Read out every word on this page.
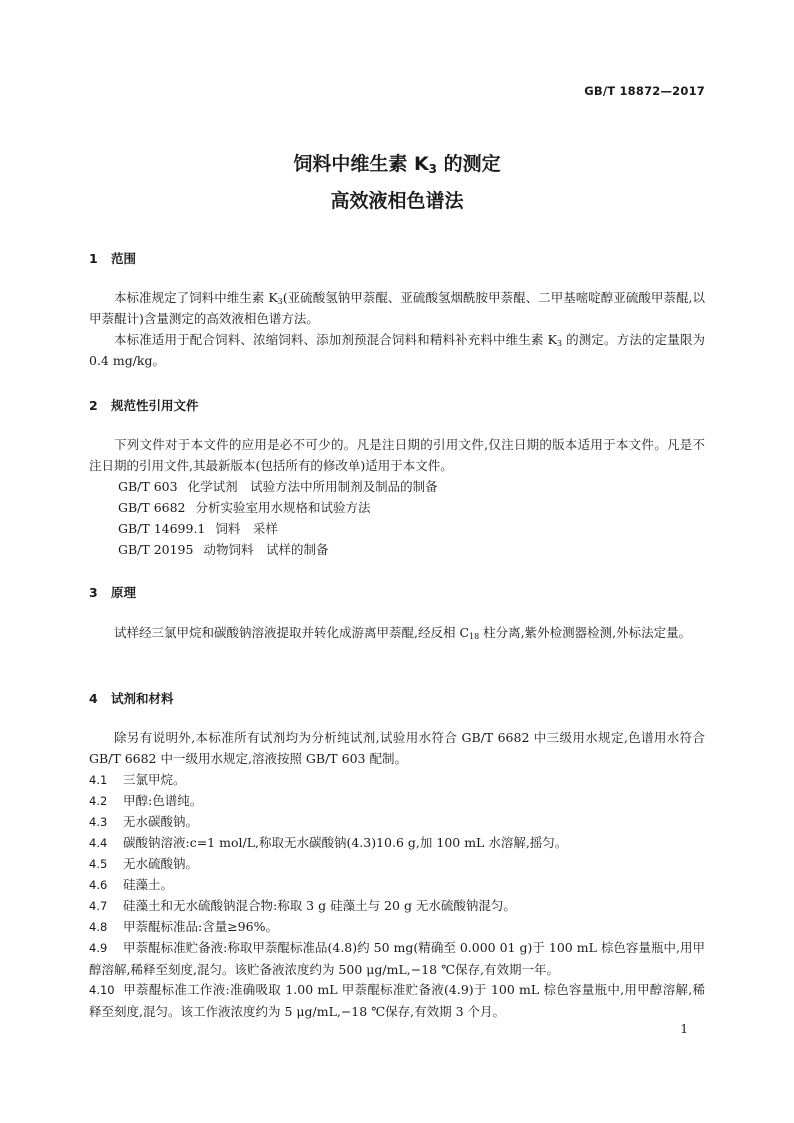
GB/T 18872—2017
饲料中维生素 $K_3$ 的测定
高效液相色谱法
1 范围
本标准规定了饲料中维生素 $K_3$(亚硫酸氢钠甲萘醌、亚硫酸氢烟酰胺甲萘醌、二甲基嘧啶醇亚硫酸甲萘醌,以甲萘醌计)含量测定的高效液相色谱方法。
本标准适用于配合饲料、浓缩饲料、添加剂预混合饲料和精料补充料中维生素 $K_3$ 的测定。方法的定量限为 0.4 mg/kg。
2 规范性引用文件
下列文件对于本文件的应用是必不可少的。凡是注日期的引用文件,仅注日期的版本适用于本文件。凡是不注日期的引用文件,其最新版本(包括所有的修改单)适用于本文件。
GB/T 603 化学试剂　试验方法中所用制剂及制品的制备
GB/T 6682 分析实验室用水规格和试验方法
GB/T 14699.1 饲料　采样
GB/T 20195 动物饲料　试样的制备
3 原理
试样经三氯甲烷和碳酸钠溶液提取并转化成游离甲萘醌,经反相 $C_{18}$ 柱分离,紫外检测器检测,外标法定量。
4 试剂和材料
除另有说明外,本标准所有试剂均为分析纯试剂,试验用水符合 GB/T 6682 中三级用水规定,色谱用水符合 GB/T 6682 中一级用水规定,溶液按照 GB/T 603 配制。
4.1 三氯甲烷。
4.2 甲醇:色谱纯。
4.3 无水碳酸钠。
4.4 碳酸钠溶液:c=1 mol/L,称取无水碳酸钠(4.3)10.6 g,加 100 mL 水溶解,摇匀。
4.5 无水硫酸钠。
4.6 硅藻土。
4.7 硅藻土和无水硫酸钠混合物:称取 3 g 硅藻土与 20 g 无水硫酸钠混匀。
4.8 甲萘醌标准品:含量≥96%。
4.9 甲萘醌标准贮备液:称取甲萘醌标准品(4.8)约 50 mg(精确至 0.000 01 g)于 100 mL 棕色容量瓶中,用甲醇溶解,稀释至刻度,混匀。该贮备液浓度约为 500 μg/mL,−18 ℃保存,有效期一年。
4.10 甲萘醌标准工作液:准确吸取 1.00 mL 甲萘醌标准贮备液(4.9)于 100 mL 棕色容量瓶中,用甲醇溶解,稀释至刻度,混匀。该工作液浓度约为 5 μg/mL,−18 ℃保存,有效期 3 个月。
1
